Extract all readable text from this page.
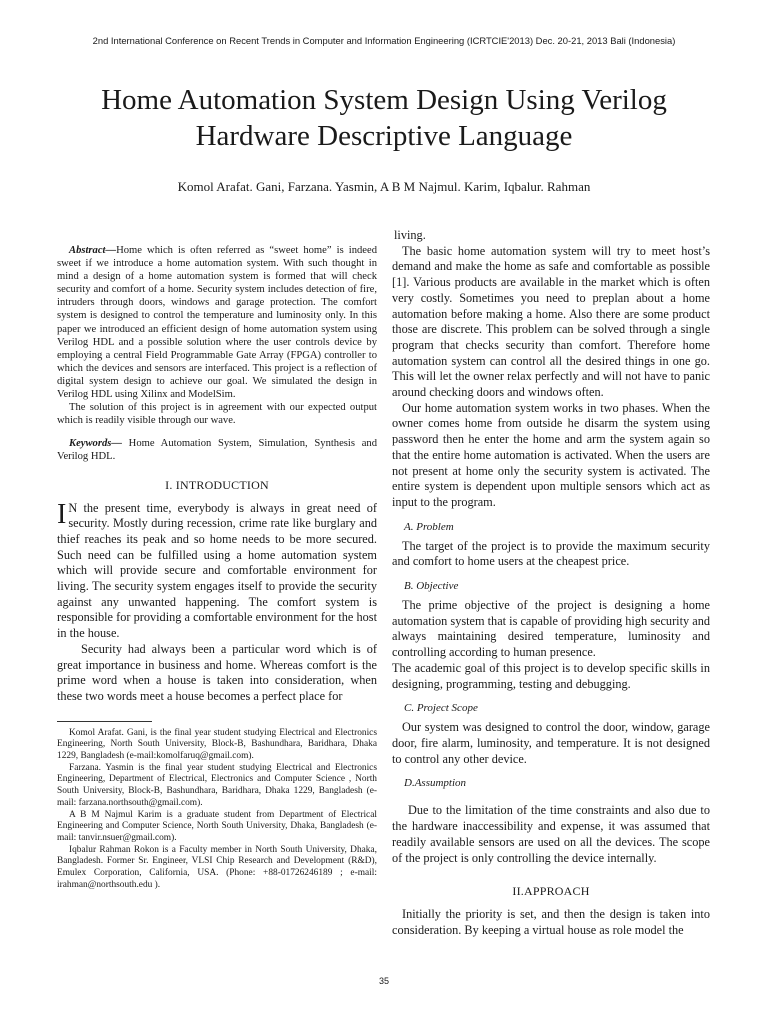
2nd International Conference on Recent Trends in Computer and Information Engineering (ICRTCIE'2013) Dec. 20-21, 2013 Bali (Indonesia)
Home Automation System Design Using Verilog
Hardware Descriptive Language
Komol Arafat. Gani, Farzana. Yasmin, A B M Najmul. Karim, Iqbalur. Rahman

Abstract—Home which is often referred as “sweet home” is indeed sweet if we introduce a home automation system. With such thought in mind a design of a home automation system is formed that will check security and comfort of a home. Security system includes detection of fire, intruders through doors, windows and garage protection. The comfort system is designed to control the temperature and luminosity only. In this paper we introduced an efficient design of home automation system using Verilog HDL and a possible solution where the user controls device by employing a central Field Programmable Gate Array (FPGA) controller to which the devices and sensors are interfaced. This project is a reflection of digital system design to achieve our goal. We simulated the design in Verilog HDL using Xilinx and ModelSim.

The solution of this project is in agreement with our expected output which is readily visible through our wave.

Keywords— Home Automation System, Simulation, Synthesis and Verilog HDL.

I. INTRODUCTION

I N the present time, everybody is always in great need of security. Mostly during recession, crime rate like burglary and thief reaches its peak and so home needs to be more secured. Such need can be fulfilled using a home automation system which will provide secure and comfortable environment for living. The security system engages itself to provide the security against any unwanted happening. The comfort system is responsible for providing a comfortable environment for the host in the house.

Security had always been a particular word which is of great importance in business and home. Whereas comfort is the prime word when a house is taken into consideration, when these two words meet a house becomes a perfect place for

Komol Arafat. Gani, is the final year student studying Electrical and Electronics Engineering, North South University, Block-B, Bashundhara, Baridhara, Dhaka 1229, Bangladesh (e-mail:komolfaruq@gmail.com).

Farzana. Yasmin is the final year student studying Electrical and Electronics Engineering, Department of Electrical, Electronics and Computer Science , North South University, Block-B, Bashundhara, Baridhara, Dhaka 1229, Bangladesh (e-mail: farzana.northsouth@gmail.com).

A B M Najmul Karim is a graduate student from Department of Electrical Engineering and Computer Science, North South University, Dhaka, Bangladesh (e-mail: tanvir.nsuer@gmail.com).

Iqbalur Rahman Rokon is a Faculty member in North South University, Dhaka, Bangladesh. Former Sr. Engineer, VLSI Chip Research and Development (R&D), Emulex Corporation, California, USA. (Phone: +88-01726246189 ; e-mail: irahman@northsouth.edu ).

living.

The basic home automation system will try to meet host’s demand and make the home as safe and comfortable as possible [1]. Various products are available in the market which is often very costly. Sometimes you need to preplan about a home automation before making a home. Also there are some product those are discrete. This problem can be solved through a single program that checks security than comfort. Therefore home automation system can control all the desired things in one go. This will let the owner relax perfectly and will not have to panic around checking doors and windows often.

Our home automation system works in two phases. When the owner comes home from outside he disarm the system using password then he enter the home and arm the system again so that the entire home automation is activated. When the users are not present at home only the security system is activated. The entire system is dependent upon multiple sensors which act as input to the program.

A. Problem

The target of the project is to provide the maximum security and comfort to home users at the cheapest price.

B. Objective

The prime objective of the project is designing a home automation system that is capable of providing high security and always maintaining desired temperature, luminosity and controlling according to human presence.

The academic goal of this project is to develop specific skills in designing, programming, testing and debugging.

C. Project Scope

Our system was designed to control the door, window, garage door, fire alarm, luminosity, and temperature. It is not designed to control any other device.

D.Assumption

Due to the limitation of the time constraints and also due to the hardware inaccessibility and expense, it was assumed that readily available sensors are used on all the devices. The scope of the project is only controlling the device internally.

II.APPROACH

Initially the priority is set, and then the design is taken into consideration. By keeping a virtual house as role model the

35
